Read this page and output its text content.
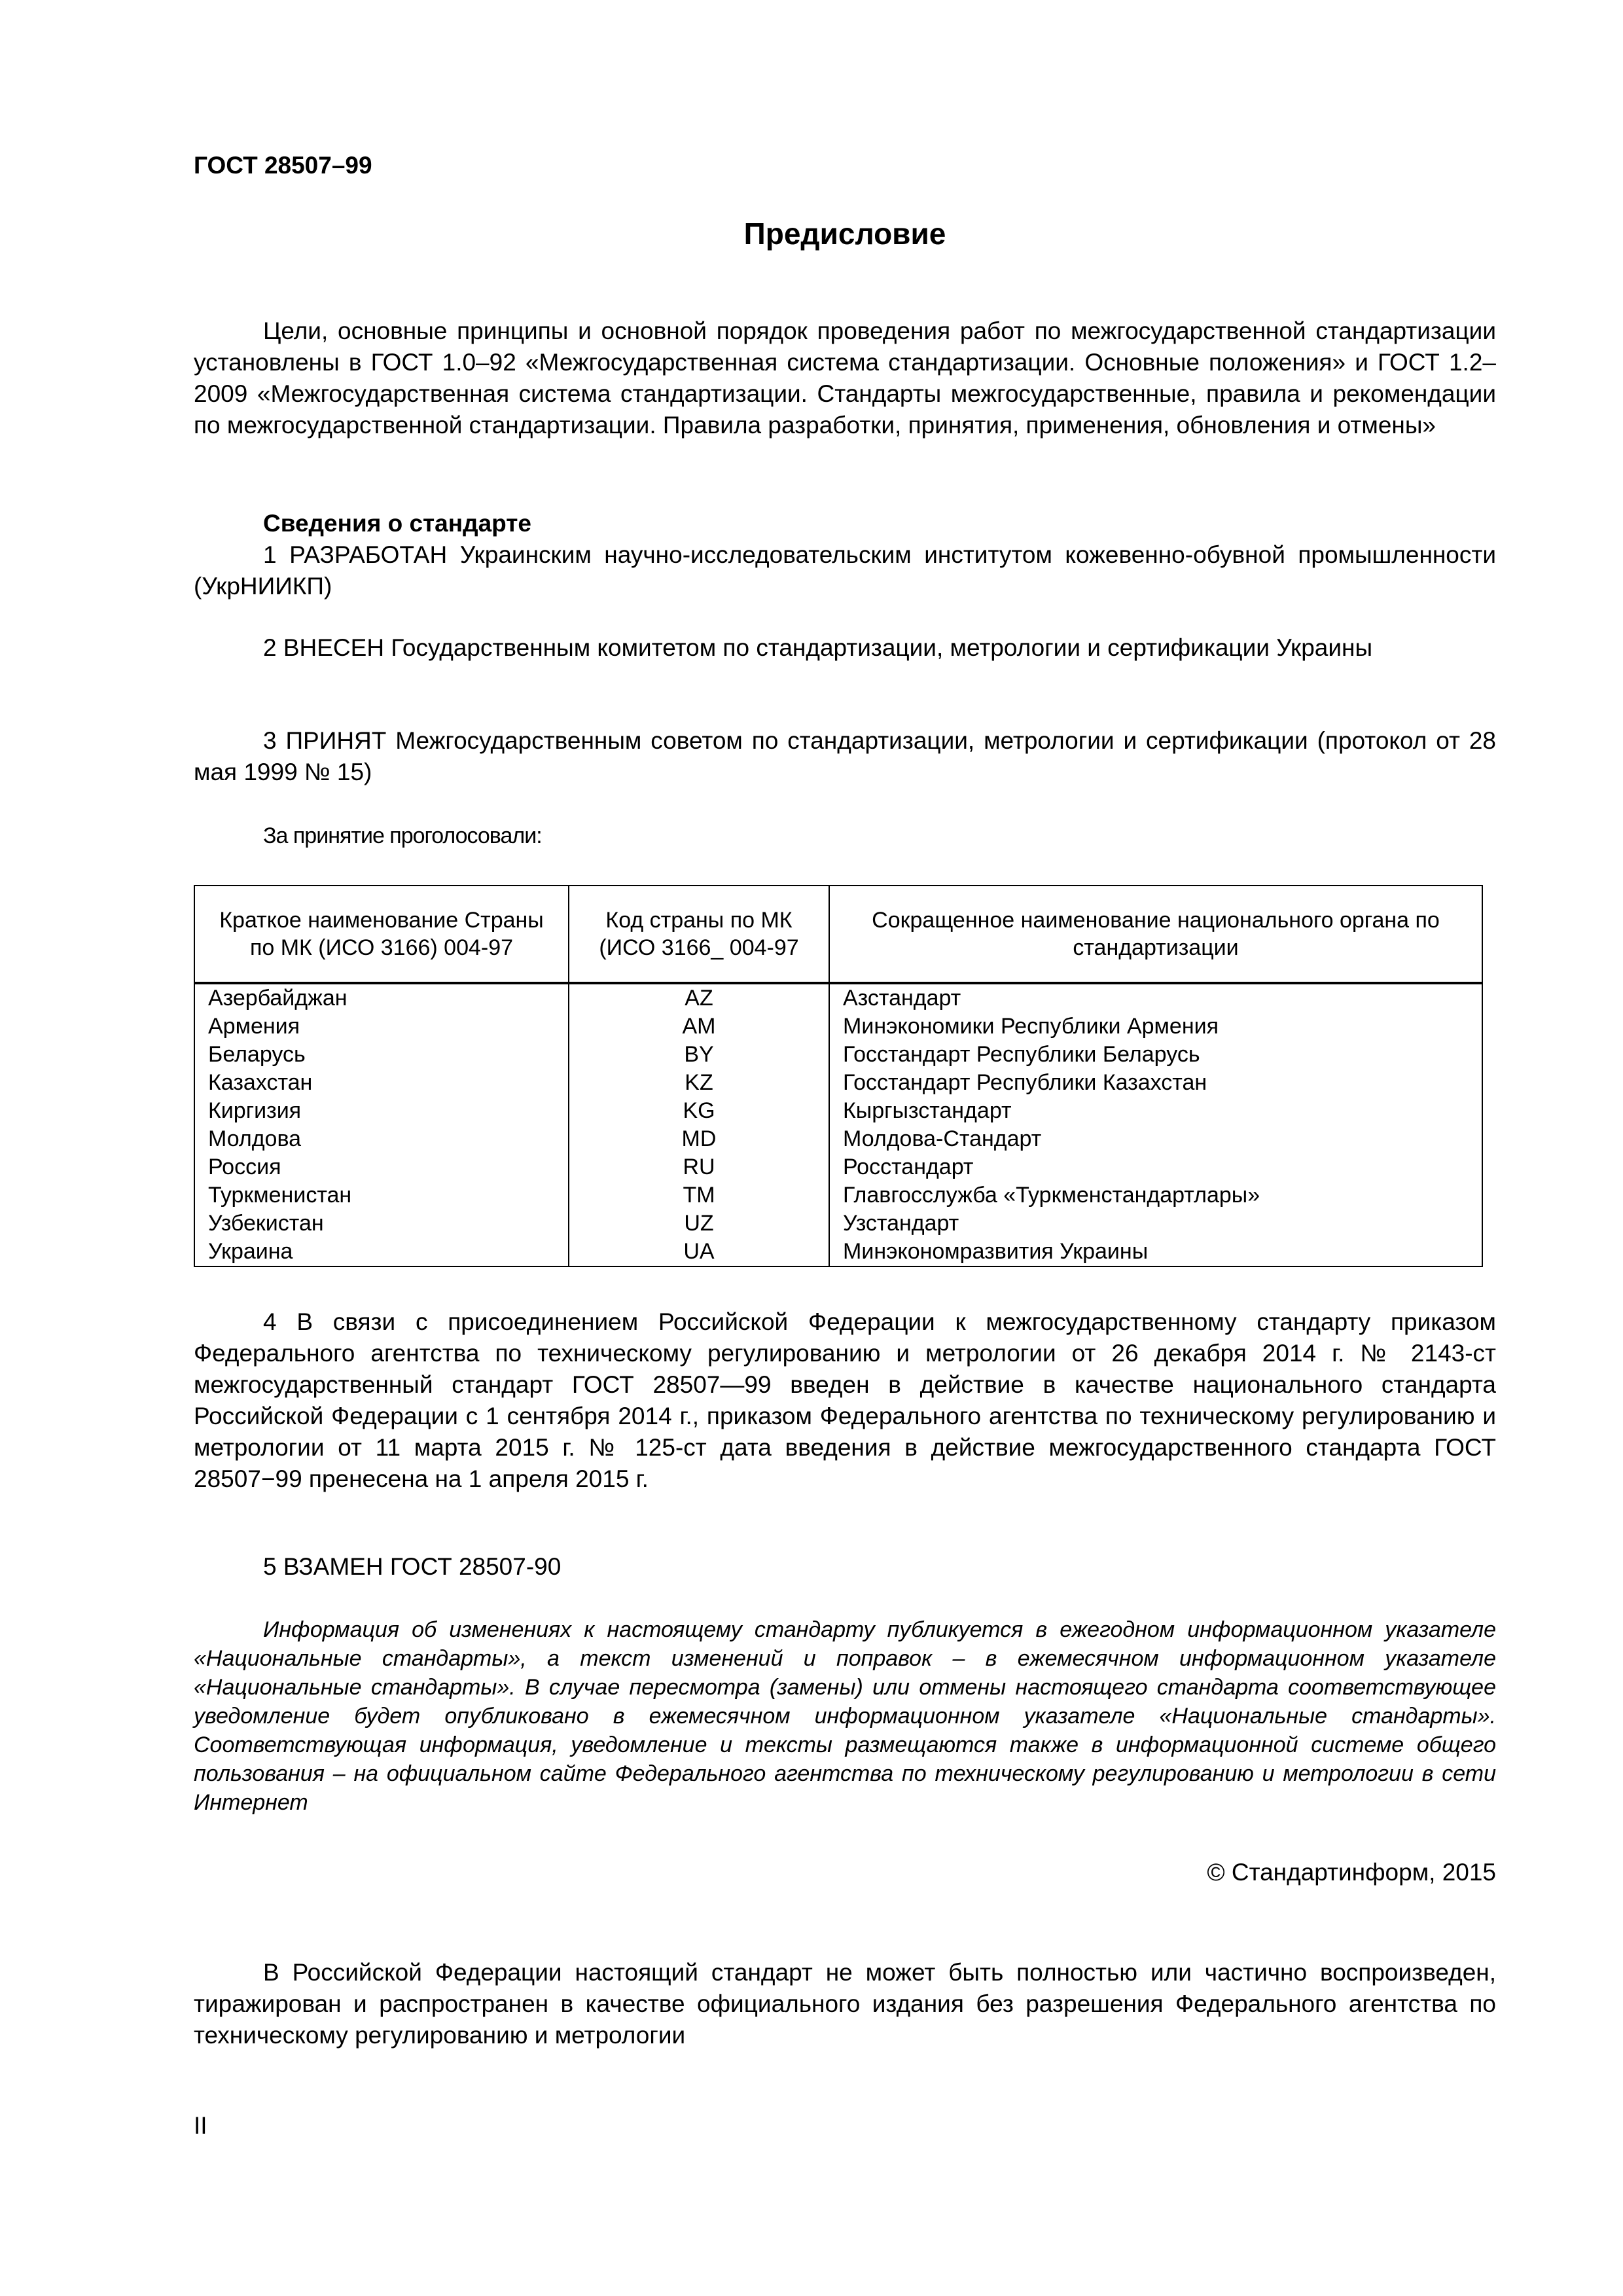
ГОСТ 28507–99
Предисловие

Цели, основные принципы и основной порядок проведения работ по межгосударственной стандартизации установлены в ГОСТ 1.0–92 «Межгосударственная система стандартизации. Основные положения» и ГОСТ 1.2–2009 «Межгосударственная система стандартизации. Стандарты межгосударственные, правила и рекомендации по межгосударственной стандартизации. Правила разработки, принятия, применения, обновления и отмены»

Сведения о стандарте

1 РАЗРАБОТАН Украинским научно-исследовательским институтом кожевенно-обувной промышленности (УкрНИИКП)

2 ВНЕСЕН Государственным комитетом по стандартизации, метрологии и сертификации Украины

3 ПРИНЯТ Межгосударственным советом по стандартизации, метрологии и сертификации (протокол от 28 мая 1999 № 15)

За принятие проголосовали:
Краткое наименование Страны по МК (ИСО 3166) 004-97	Код страны по МК (ИСО 3166_ 004-97	Сокращенное наименование национального органа по стандартизации
Азербайджан	AZ	Азстандарт
Армения	AM	Минэкономики Республики Армения
Беларусь	BY	Госстандарт Республики Беларусь
Казахстан	KZ	Госстандарт Республики Казахстан
Киргизия	KG	Кыргызстандарт
Молдова	MD	Молдова-Стандарт
Россия	RU	Росстандарт
Туркменистан	TM	Главгосслужба «Туркменстандартлары»
Узбекистан	UZ	Узстандарт
Украина	UA	Минэкономразвития Украины

4 В связи с присоединением Российской Федерации к межгосударственному стандарту приказом Федерального агентства по техническому регулированию и метрологии от 26 декабря 2014 г. № 2143-ст межгосударственный стандарт ГОСТ 28507—99 введен в действие в качестве национального стандарта Российской Федерации с 1 сентября 2014 г., приказом Федерального агентства по техническому регулированию и метрологии от 11 марта 2015 г. № 125-ст дата введения в действие межгосударственного стандарта ГОСТ 28507−99 пренесена на 1 апреля 2015 г.

5 ВЗАМЕН ГОСТ 28507-90

Информация об изменениях к настоящему стандарту публикуется в ежегодном информационном указателе «Национальные стандарты», а текст изменений и поправок – в ежемесячном информационном указателе «Национальные стандарты». В случае пересмотра (замены) или отмены настоящего стандарта соответствующее уведомление будет опубликовано в ежемесячном информационном указателе «Национальные стандарты». Соответствующая информация, уведомление и тексты размещаются также в информационной системе общего пользования – на официальном сайте Федерального агентства по техническому регулированию и метрологии в сети Интернет

© Стандартинформ, 2015

В Российской Федерации настоящий стандарт не может быть полностью или частично воспроизведен, тиражирован и распространен в качестве официального издания без разрешения Федерального агентства по техническому регулированию и метрологии

II
